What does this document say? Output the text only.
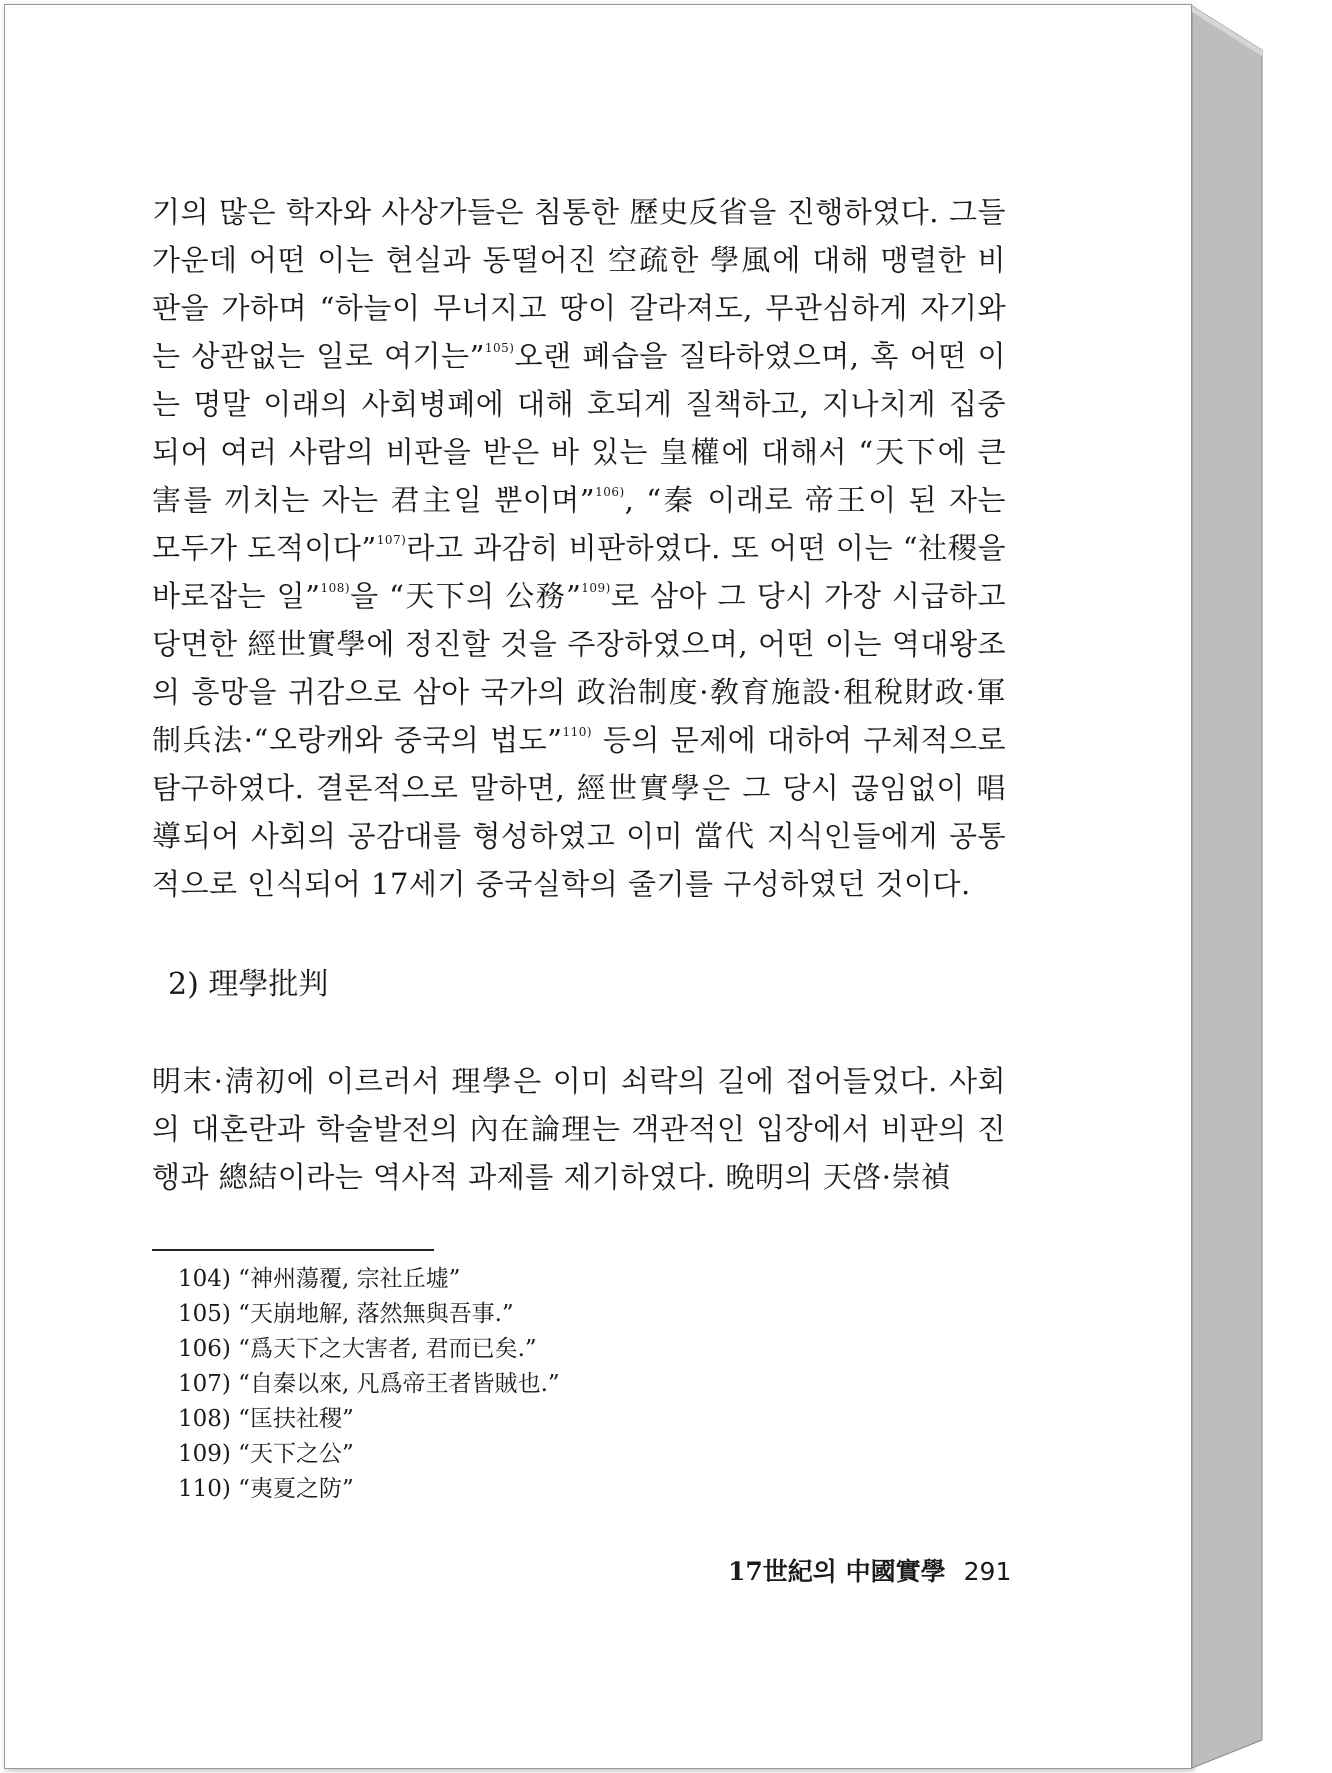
기의 많은 학자와 사상가들은 침통한 歷史反省을 진행하였다. 그들 가운데 어떤 이는 현실과 동떨어진 空疏한 學風에 대해 맹렬한 비판을 가하며 “하늘이 무너지고 땅이 갈라져도, 무관심하게 자기와는 상관없는 일로 여기는”$^{105)}$오랜 폐습을 질타하였으며, 혹 어떤 이는 명말 이래의 사회병폐에 대해 호되게 질책하고, 지나치게 집중되어 여러 사람의 비판을 받은 바 있는 皇權에 대해서 “天下에 큰 害를 끼치는 자는 君主일 뿐이며”$^{106)}$, “秦 이래로 帝王이 된 자는 모두가 도적이다”$^{107)}$라고 과감히 비판하였다. 또 어떤 이는 “社稷을 바로잡는 일”$^{108)}$을 “天下의 公務”$^{109)}$로 삼아 그 당시 가장 시급하고 당면한 經世實學에 정진할 것을 주장하였으며, 어떤 이는 역대왕조의 흥망을 귀감으로 삼아 국가의 政治制度·敎育施設·租稅財政·軍制兵法·“오랑캐와 중국의 법도”$^{110)}$ 등의 문제에 대하여 구체적으로 탐구하였다. 결론적으로 말하면, 經世實學은 그 당시 끊임없이 唱導되어 사회의 공감대를 형성하였고 이미 當代 지식인들에게 공통적으로 인식되어 17세기 중국실학의 줄기를 구성하였던 것이다.

2) 理學批判

明末·淸初에 이르러서 理學은 이미 쇠락의 길에 접어들었다. 사회의 대혼란과 학술발전의 內在論理는 객관적인 입장에서 비판의 진행과 總結이라는 역사적 과제를 제기하였다. 晩明의 天啓·崇禎

104) “神州蕩覆, 宗社丘墟”
105) “天崩地解, 落然無與吾事.”
106) “爲天下之大害者, 君而已矣.”
107) “自秦以來, 凡爲帝王者皆賊也.”
108) “匡扶社稷”
109) “天下之公”
110) “夷夏之防”
17世紀의 中國實學 291
